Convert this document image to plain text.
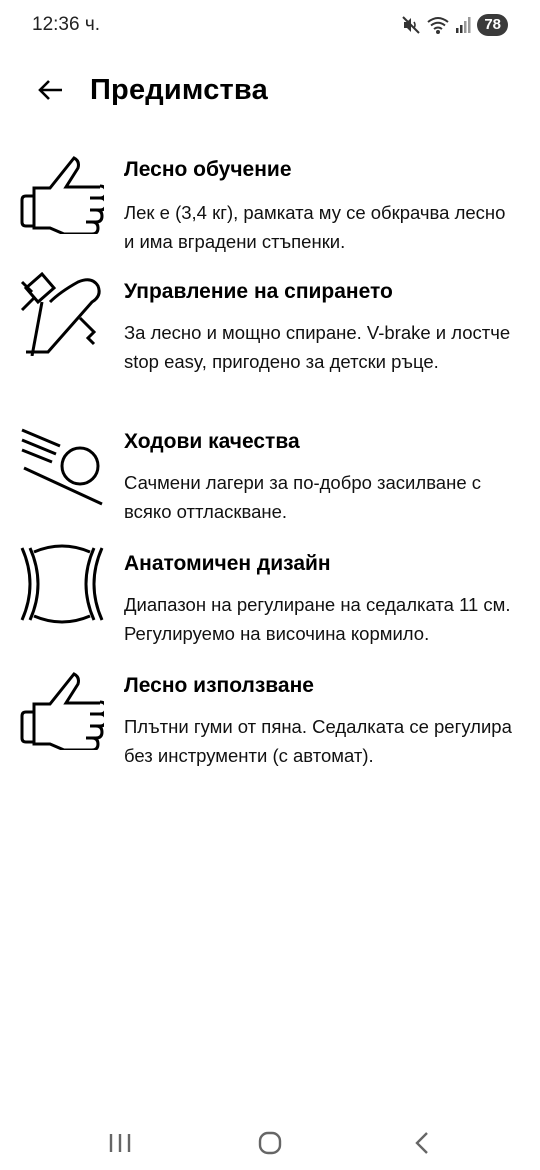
12:36 ч.	78
Предимства
Лесно обучение
Лек е (3,4 кг), рамката му се обкрачва лесно и има вградени стъпенки.
Управление на спирането
За лесно и мощно спиране. V-brake и лостче stop easy, пригодено за детски ръце.
Ходови качества
Сачмени лагери за по-добро засилване с всяко оттласкване.
Анатомичен дизайн
Диапазон на регулиране на седалката 11 см. Регулируемо на височина кормило.
Лесно използване
Плътни гуми от пяна. Седалката се регулира без инструменти (с автомат).
